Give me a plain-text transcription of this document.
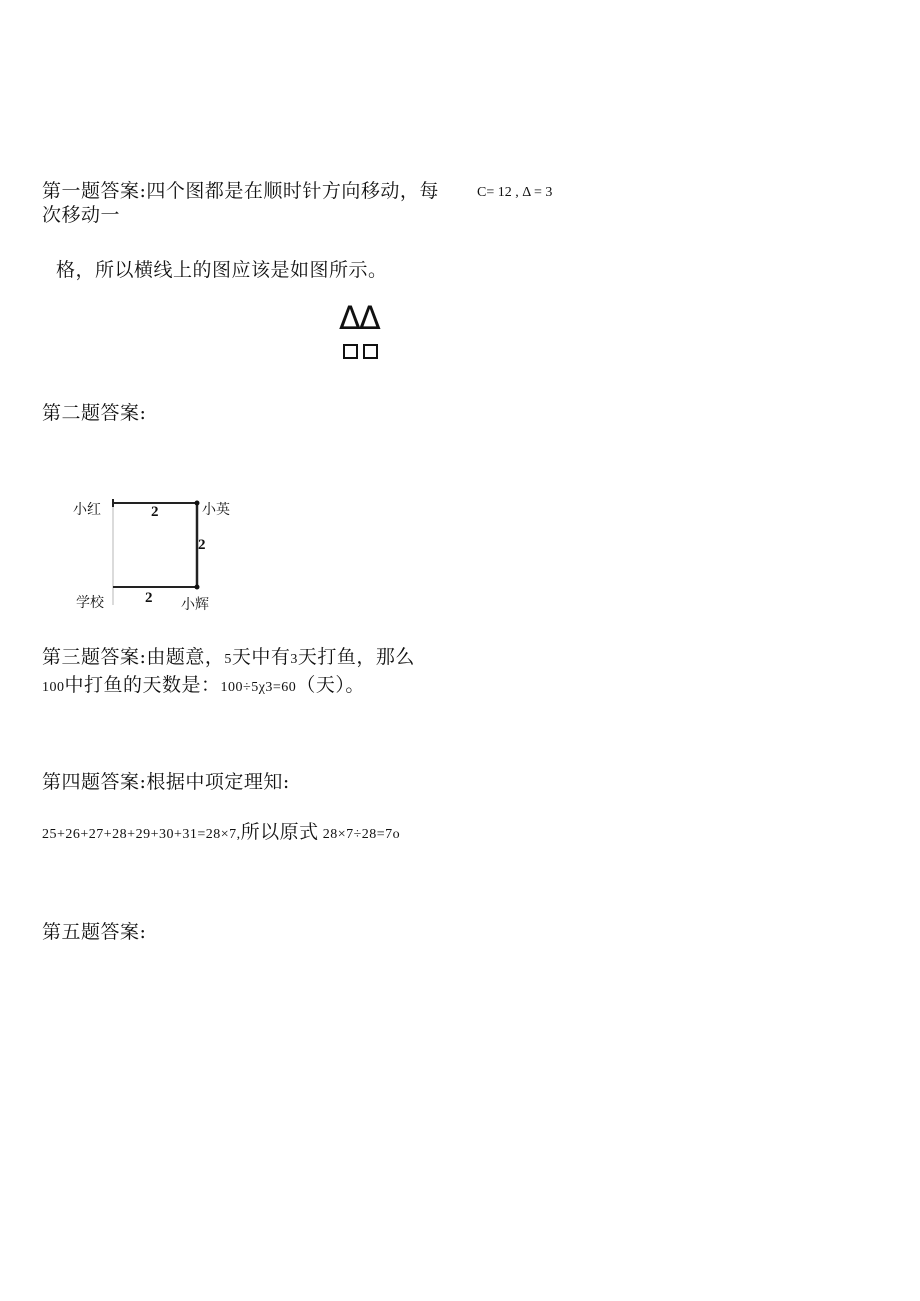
第一题答案:四个图都是在顺时针方向移动，每	C= 12 , Δ = 3
次移动一
格，所以横线上的图应该是如图所示。
ΔΔ
第二题答案:
小红	小英
学校	小辉
2
2
2
第三题答案:由题意，5天中有3天打鱼，那么
100中打鱼的天数是：100÷5χ3=60（天）。
第四题答案:根据中项定理知:
25+26+27+28+29+30+31=28×7,所以原式 28×7÷28=7o
第五题答案:
